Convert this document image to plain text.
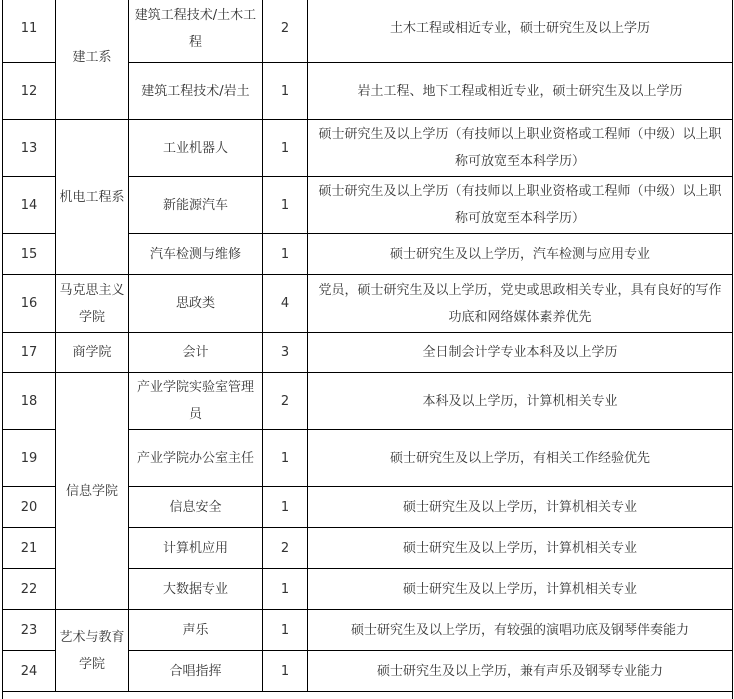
11	建工系	建筑工程技术/土木工程	2	土木工程或相近专业，硕士研究生及以上学历
12		建筑工程技术/岩土	1	岩土工程、地下工程或相近专业，硕士研究生及以上学历
13	机电工程系	工业机器人	1	硕士研究生及以上学历（有技师以上职业资格或工程师（中级）以上职称可放宽至本科学历）
14		新能源汽车	1	硕士研究生及以上学历（有技师以上职业资格或工程师（中级）以上职称可放宽至本科学历）
15		汽车检测与维修	1	硕士研究生及以上学历，汽车检测与应用专业
16	马克思主义学院	思政类	4	党员，硕士研究生及以上学历，党史或思政相关专业，具有良好的写作功底和网络媒体素养优先
17	商学院	会计	3	全日制会计学专业本科及以上学历
18	信息学院	产业学院实验室管理员	2	本科及以上学历，计算机相关专业
19		产业学院办公室主任	1	硕士研究生及以上学历，有相关工作经验优先
20		信息安全	1	硕士研究生及以上学历，计算机相关专业
21		计算机应用	2	硕士研究生及以上学历，计算机相关专业
22		大数据专业	1	硕士研究生及以上学历，计算机相关专业
23	艺术与教育学院	声乐	1	硕士研究生及以上学历，有较强的演唱功底及钢琴伴奏能力
24		合唱指挥	1	硕士研究生及以上学历，兼有声乐及钢琴专业能力
